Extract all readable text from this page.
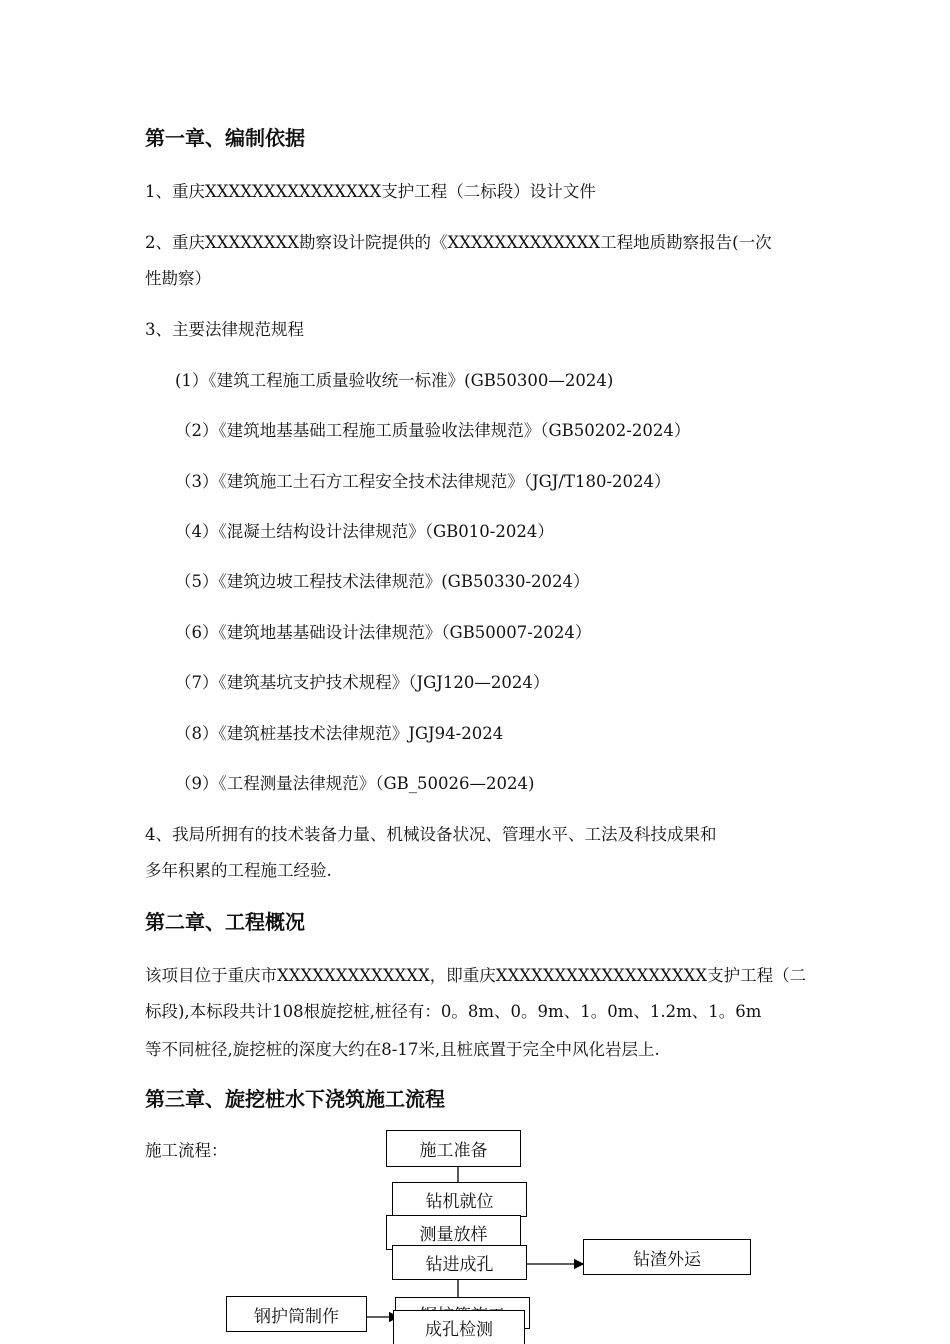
第一章、编制依据
1、重庆XXXXXXXXXXXXXXX支护工程（二标段）设计文件
2、重庆XXXXXXXX勘察设计院提供的《XXXXXXXXXXXXX工程地质勘察报告(一次
性勘察）
3、主要法律规范规程
(1）《建筑工程施工质量验收统一标准》(GB50300—2024)
（2）《建筑地基基础工程施工质量验收法律规范》（GB50202-2024）
（3）《建筑施工土石方工程安全技术法律规范》（JGJ/T180-2024）
（4）《混凝土结构设计法律规范》（GB010-2024）
（5）《建筑边坡工程技术法律规范》(GB50330-2024）
（6）《建筑地基基础设计法律规范》（GB50007-2024）
（7）《建筑基坑支护技术规程》（JGJ120—2024）
（8）《建筑桩基技术法律规范》JGJ94-2024
（9）《工程测量法律规范》（GB_50026—2024)
4、我局所拥有的技术装备力量、机械设备状况、管理水平、工法及科技成果和
多年积累的工程施工经验.
第二章、工程概况
该项目位于重庆市XXXXXXXXXXXXX，即重庆XXXXXXXXXXXXXXXXXX支护工程（二
标段),本标段共计108根旋挖桩,桩径有：0。8m、0。9m、1。0m、1.2m、1。6m
等不同桩径,旋挖桩的深度大约在8-17米,且桩底置于完全中风化岩层上.
第三章、旋挖桩水下浇筑施工流程
施工流程：	施工准备
钻机就位
测量放样
钻进成孔	钻渣外运
钢护筒制作
成孔检测
